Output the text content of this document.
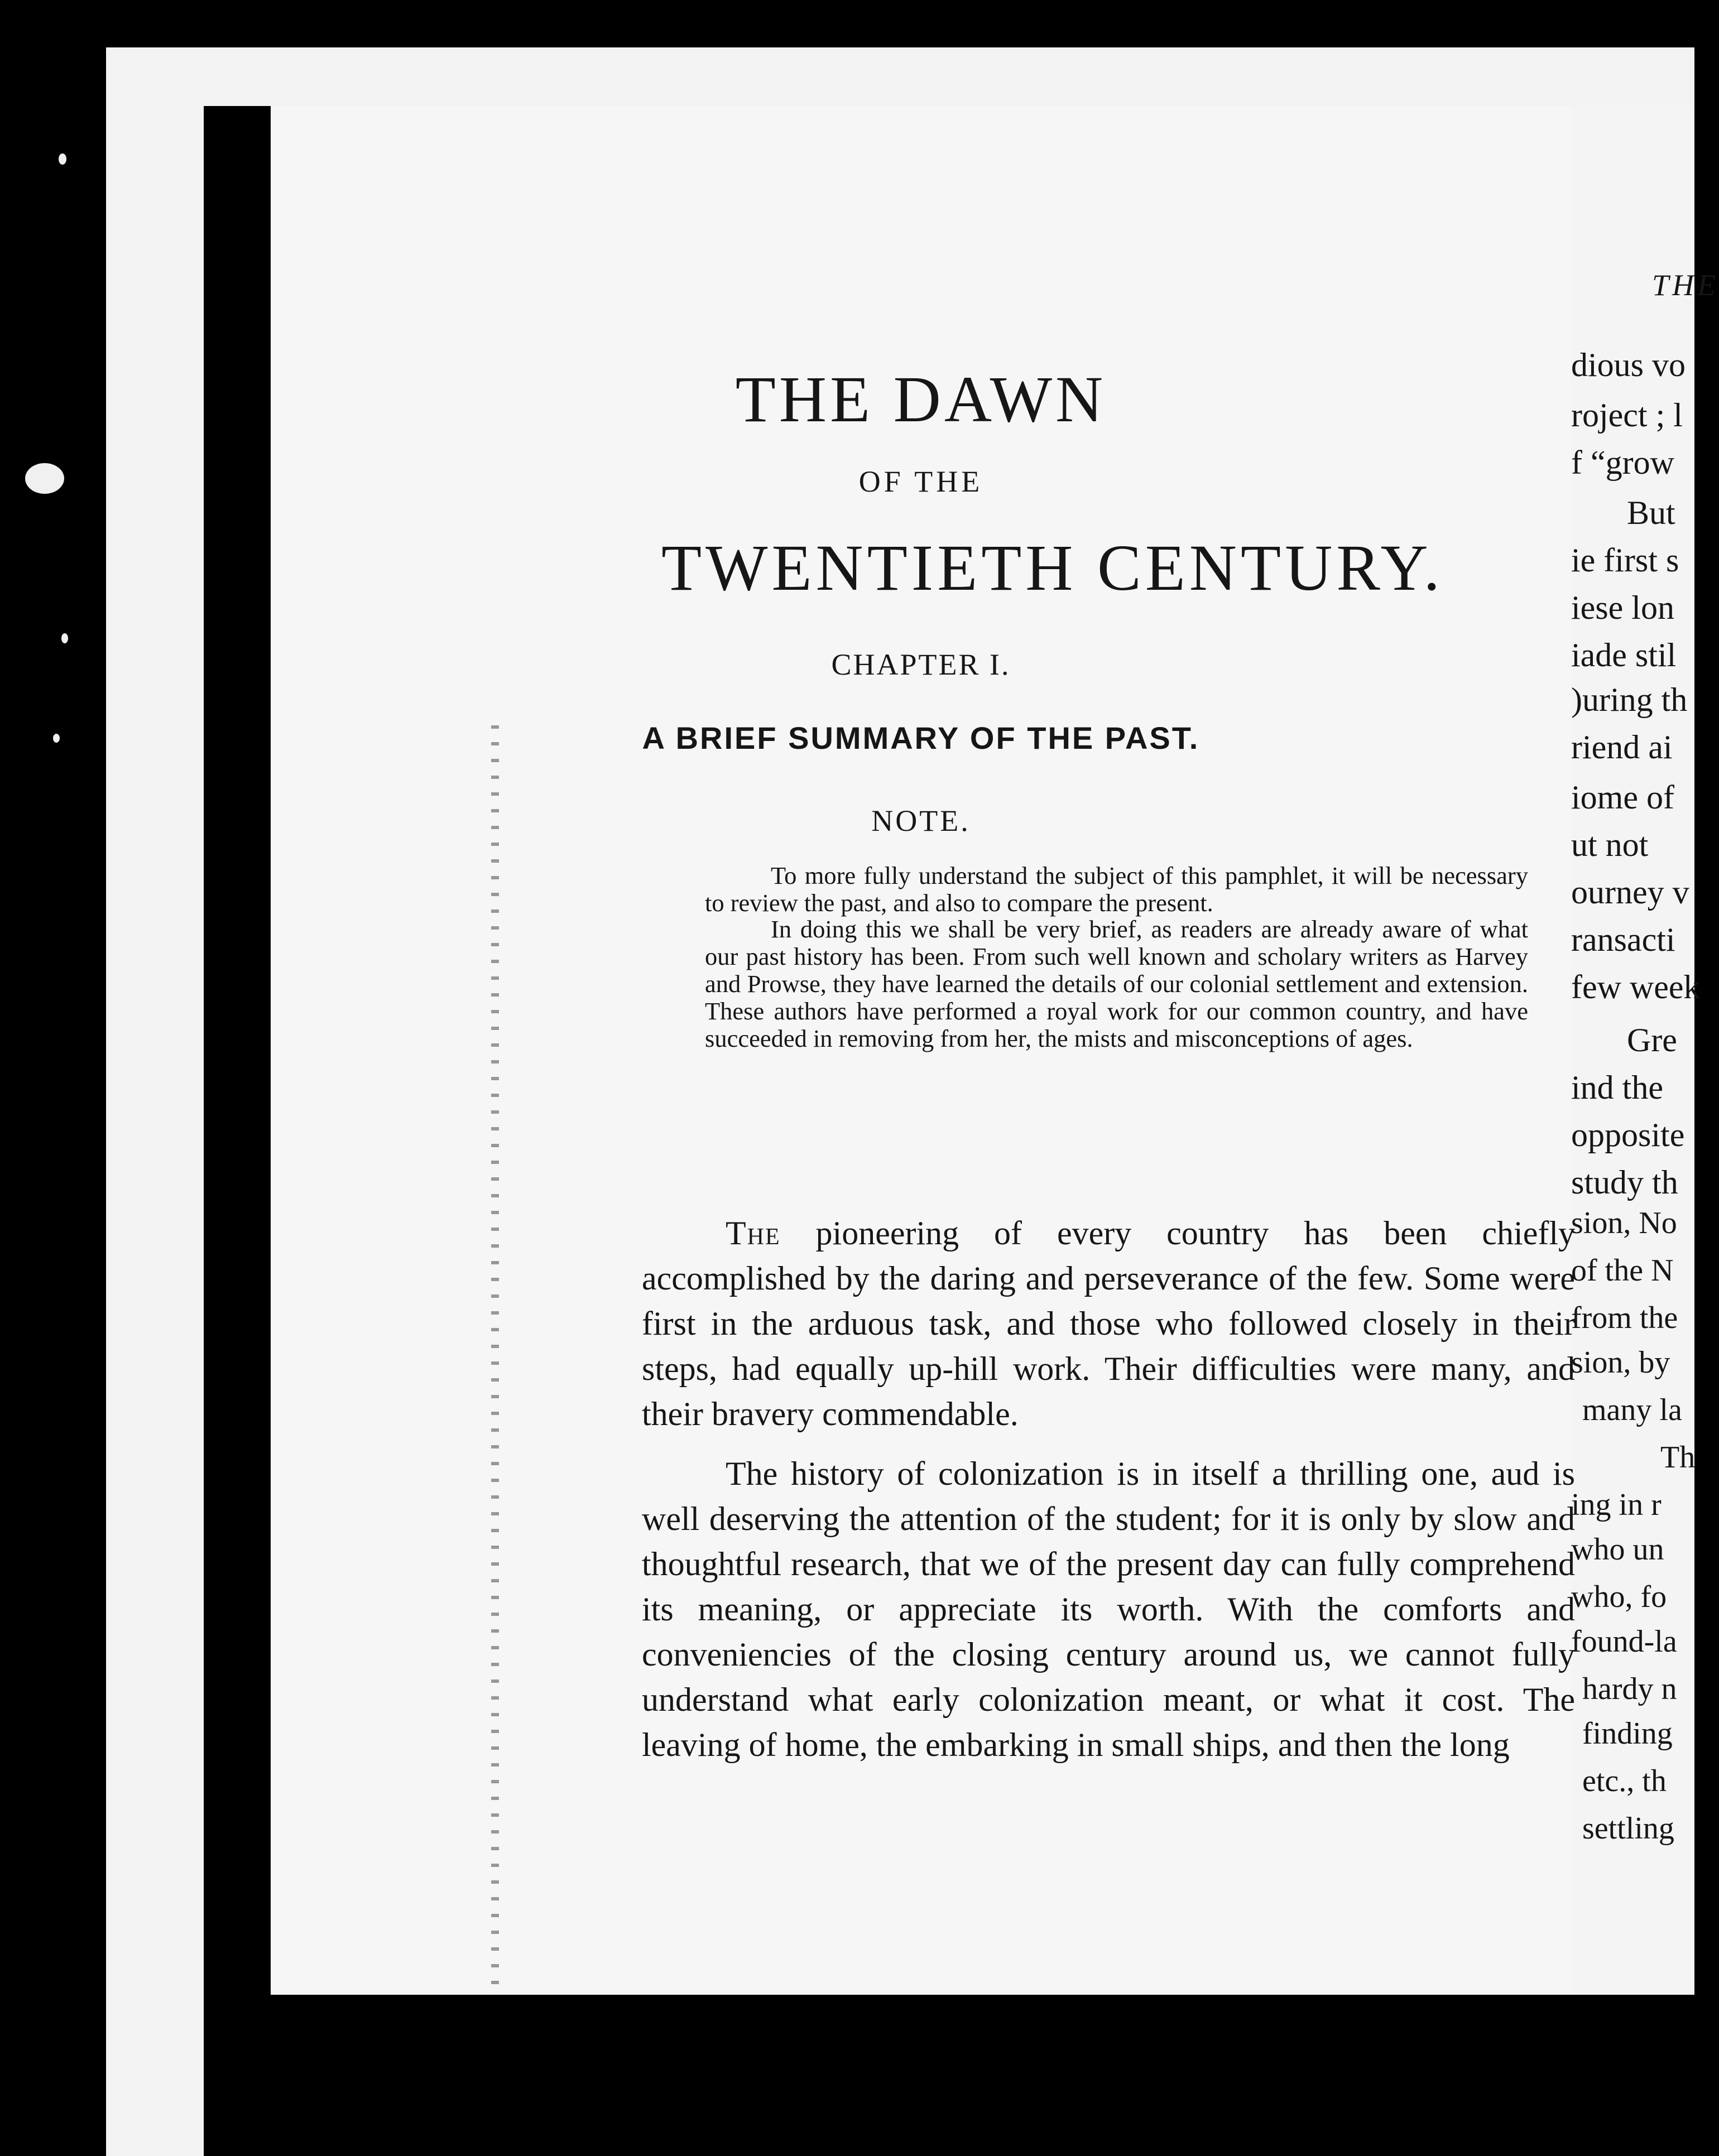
dious vo
roject ; l
f “grow
But
ie first s
iese lon
iade stil
)uring th
riend ai
iome of
ut not
ourney v
ransacti
few week
Gre
ind the
opposite
study th
sion, No
of the N
from the
sion, by
many la
Th
ing in r
who un
who, fo
found-la
hardy n
finding
etc., th
settling
THE DAWN
OF THE
TWENTIETH CENTURY.
CHAPTER I.
A BRIEF SUMMARY OF THE PAST.
NOTE.

To more fully understand the subject of this pamphlet, it will be necessary to review the past, and also to compare the present.

In doing this we shall be very brief, as readers are already aware of what our past history has been. From such well known and scholary writers as Harvey and Prowse, they have learned the details of our colonial settlement and extension. These authors have performed a royal work for our common country, and have succeeded in removing from her, the mists and misconceptions of ages.

The pioneering of every country has been chiefly accomplished by the daring and perseverance of the few. Some were first in the arduous task, and those who followed closely in their steps, had equally up-hill work. Their difficulties were many, and their bravery commendable.

The history of colonization is in itself a thrilling one, aud is well deserving the attention of the student; for it is only by slow and thoughtful research, that we of the present day can fully comprehend its meaning, or appreciate its worth. With the comforts and conveniencies of the closing century around us, we cannot fully understand what early colonization meant, or what it cost. The leaving of home, the embarking in small ships, and then the long

THE
